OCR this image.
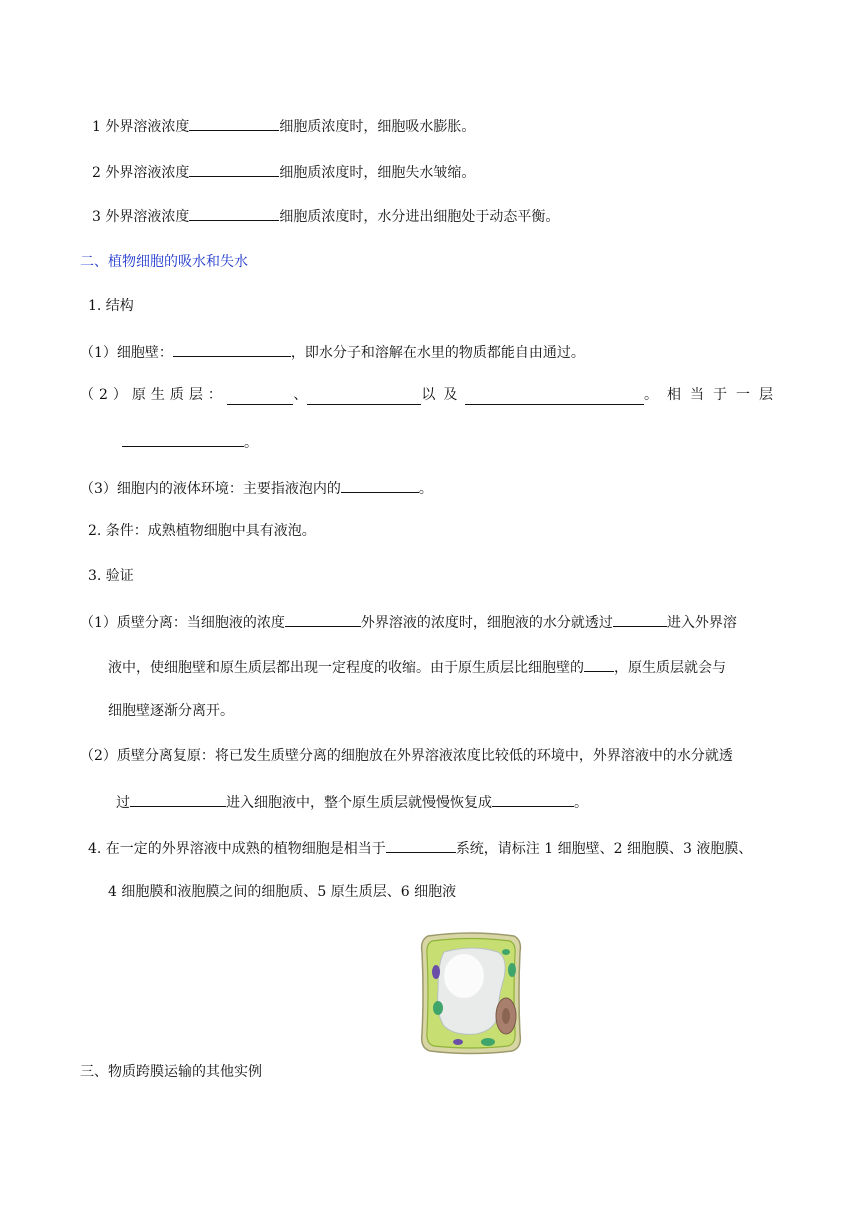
1 外界溶液浓度	细胞质浓度时，细胞吸水膨胀。
2 外界溶液浓度	细胞质浓度时，细胞失水皱缩。
3 外界溶液浓度	细胞质浓度时，水分进出细胞处于动态平衡。
二、植物细胞的吸水和失水
1. 结构
（1）细胞壁：	，即水分子和溶解在水里的物质都能自由通过。
（2）原生质层：	、	以及	。相当于一层
。
（3）细胞内的液体环境：主要指液泡内的	。
2. 条件：成熟植物细胞中具有液泡。
3. 验证
（1）质壁分离：当细胞液的浓度	外界溶液的浓度时，细胞液的水分就透过	进入外界溶
液中，使细胞壁和原生质层都出现一定程度的收缩。由于原生质层比细胞壁的 ，原生质层就会与
细胞壁逐渐分离开。
（2）质壁分离复原：将已发生质壁分离的细胞放在外界溶液浓度比较低的环境中，外界溶液中的水分就透
过	进入细胞液中，整个原生质层就慢慢恢复成	。
4. 在一定的外界溶液中成熟的植物细胞是相当于	系统，请标注 1 细胞壁、2 细胞膜、3 液胞膜、
4 细胞膜和液胞膜之间的细胞质、5 原生质层、6 细胞液
三、物质跨膜运输的其他实例
